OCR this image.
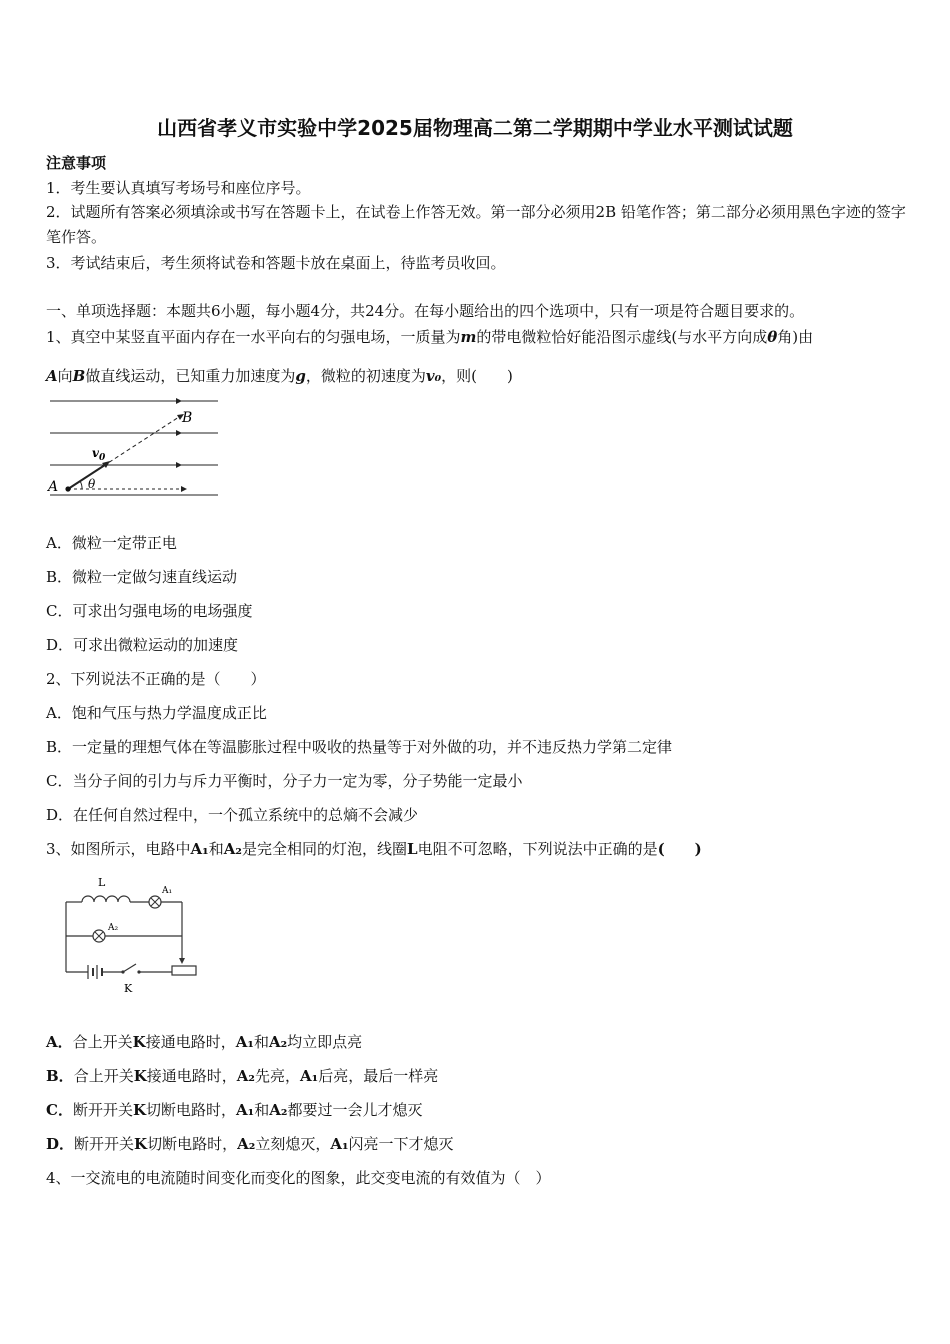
山西省孝义市实验中学2025届物理高二第二学期期中学业水平测试试题
注意事项
1．考生要认真填写考场号和座位序号。
2．试题所有答案必须填涂或书写在答题卡上，在试卷上作答无效。第一部分必须用2B 铅笔作答；第二部分必须用黑色字迹的签字笔作答。
3．考试结束后，考生须将试卷和答题卡放在桌面上，待监考员收回。
一、单项选择题：本题共6小题，每小题4分，共24分。在每小题给出的四个选项中，只有一项是符合题目要求的。
1、真空中某竖直平面内存在一水平向右的匀强电场，一质量为m的带电微粒恰好能沿图示虚线(与水平方向成θ角)由
A向B做直线运动，已知重力加速度为g，微粒的初速度为v₀，则(　　)
A
B
$v_0$
θ
A．微粒一定带正电
B．微粒一定做匀速直线运动
C．可求出匀强电场的电场强度
D．可求出微粒运动的加速度
2、下列说法不正确的是（　　）
A．饱和气压与热力学温度成正比
B．一定量的理想气体在等温膨胀过程中吸收的热量等于对外做的功，并不违反热力学第二定律
C．当分子间的引力与斥力平衡时，分子力一定为零，分子势能一定最小
D．在任何自然过程中，一个孤立系统中的总熵不会减少
3、如图所示，电路中A₁和A₂是完全相同的灯泡，线圈L电阻不可忽略，下列说法中正确的是(　　)
L
A₁
A₂
K
A．合上开关K接通电路时，A₁和A₂均立即点亮
B．合上开关K接通电路时，A₂先亮，A₁后亮，最后一样亮
C．断开开关K切断电路时，A₁和A₂都要过一会儿才熄灭
D．断开开关K切断电路时，A₂立刻熄灭，A₁闪亮一下才熄灭
4、一交流电的电流随时间变化而变化的图象，此交变电流的有效值为（　）
